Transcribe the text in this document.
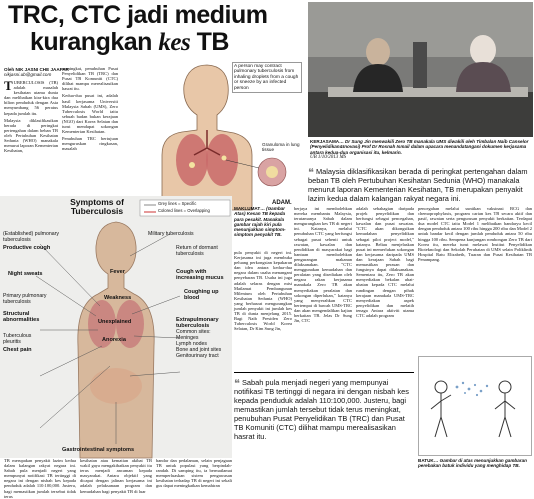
TRC, CTC jadi medium
kurangkan kes TB
Oleh NIK JASNI CHE JAAFAR
nikjasni.ub@gmail.com

TUBERCULOSIS (TB) adalah masalah kesihatan utama dunia dan melibatkan kira-kira dua bilion penduduk dengan Asia menyumbang 56 peratus kepada jumlah itu.

Malaysia diklasifikasikan berada di peringkat pertengahan dalam beban TB oleh Pertubuhan Kesihatan Sedunia (WHO) manakala menurut laporan Kementerian Kesihatan,

meningkat, penubuhan Pusat Penyelidikan TB (TRC) dan Pusat TB Komuniti (CTC) dilihat mampu merealisasikan hasrat itu.

Kedua-dua pusat ini, adalah hasil kerjasama Universiti Malaysia Sabah (UMS), Zero Tuberculosis World iaitu sebuah badan bukan kerajaan (NGO) dari Korea Selatan dan turut mendapat sokongan Kementerian Kesihatan.

Penubuhan TRC bertujuan menguruskan ringkasan, masalah

A person may contract pulmonary tuberculosis from inhaling droplets from a cough or sneeze by an infected person
Granuloma in lung tissue
ADAM.
KERJASAMA… Dr Sung Jin menwakili Zero TB manakala UMS diwakili oleh Timbalan Naib Canselor (Penyelidikan&Inovasi) Prof Dr Rosnah Ismail dalam upacara menandatangani dokumen kerjasama antara kedua-dua organisasi itu, kelmarin.
UB 1/10/2013 MS
❝ Malaysia diklasifikasikan berada di peringkat pertengahan dalam beban TB oleh Pertubuhan Kesihatan Sedunia (WHO) manakala menurut laporan Kementerian Kesihatan, TB merupakan penyakit lazim keduа dalam kalangan rakyat negara ini.
Symptoms of
Tuberculosis
Grey lines = Specific
Colored lines = Overlapping
(Established) pulmonary tuberculosis
Productive cough
Night sweats
Primary pulmonary tuberculosis
Structural abnormalities
Tuberculous pleuritis
Chest pain
Military tuberculosis
Return of dormant tuberculosis
Cough with increasing mucus
Coughing up blood
Extrapulmonary tuberculosis
Common sites:
Meninges
Lymph nodes
Bone and joint sites
Genitourinary tract
Fever
Weakness
Unexplained
Anorexia
Gastrointestinal symptoms
MAKLUMAT… (Gambar Atas) Kesan TB kepada para pesakit. Manakala gambar rajah kiri pula menunjukkan simptom-simptom penyakit TB.
pula penyakit di negeri ini. Kerjasama ini juga membuka peluang perkongsian kepakaran dan idea antara kedua-dua negara dalam usaha menangani penyebaran TB. Usaha ini juga adalah selaras dengan misi Matlamat Pembangunan Milenium oleh Pertubuhan Kesihatan Sedunia (WHO) yang berhasrat mengurangkan jumlah penyakit ini jumlah kes TB di dunia menjelang 2015. Bagi Naib Presiden Zero Tuberculosis World Korea Selatan, Dr Kim Sung Jin,
berjaya ini membolehkan mereka membantu Malaysia, terutamanya Sabah dalam mengurangkan kes TB di negeri ini. Katanya, melalui penubuhan CTC yang berfungsi sebagai pusat sehenti untuk rawatan, kawalan dan pendidikan di masyarakat bagi bantuan membolehkan pengurangan makanan dilaksanakan. "CTC menggunakan kemudahan dan peralatan yang disediakan oleh negara rakan kerjasama manakala Zero TB akan menyediakan peralatan dan sokongan diperlukan," katanya yang menyerahkan CTC bertempat di bawah UMS-TRC dan akan mengendalikan kajian berkaitan TB. Jelas Dr Sung Jin, CTC
adalah sebahagian daripada projek penyelidikan dan berfungsi sebagai pencegahan, kawalan dan pusat rawatan. "CTC akan dikongsikan kemudahan penyelidikan sebagai pilot project model," katanya. Beliau menjelaskan pusat ini memerlukan sokongan dan kerjasama daripada UMS dan kerajaan Sabah bagi memastikan perasan dan fungsinya dapat dilaksanakan. Sementara itu, Zero TB akan menyediakan bekalan ubat-ubatan kepada CTC melalui rundingan dengan pihak kerajaan manakala UMS-TRC menyediakan aspek penyelidikan dan melatih tenaga Antara aktiviti utama CTC adalah program
pencegahan melalui suntikan vaksinasi BCG dan chemoprophylaxis, program carian kes TB secara aktif dan pasif, rawatan serta pengurusan penyakit berkaitan. Terdapat dua model CTC iaitu Model 1 melibatkan bandaryu kecil dengan penduduk antara 100 ribu hingga 200 ribu dan Model 2 untuk bandar kecil dengan jumlah penduduk antara 50 ribu hingga 100 ribu. Sempena kunjungan rombongan Zero TB dari Korea itu, mereka turut melawat Institut Penyelidikan Bioteknologi dan Sekolah Perubatan di UMS selain Poliklinik Hospital Ratu Elizabeth, Tuaran dan Pusat Kesihatan TB Penampang.
❝ Sabah pula menjadi negeri yang mempunyai notifikasi TB tertinggi di negara ini dengan nisbah kes kepada penduduk adalah 110:100,000. Justeru, bagi memastikan jumlah tersebut tidak terus meningkat, penubuhan Pusat Penyelidikan TB (TRC) dan Pusat TB Komuniti (CTC) dilihat mampu merealisasikan hasrat itu.
TB merupakan penyakit lazim kedua dalam kalangan rakyat negara ini. Sabah pula menjadi negeri yang mempunyai notifikasi TB tertinggi di negara ini dengan nisbah kes kepada penduduk adalah 110:100,000. Justeru, bagi memastikan jumlah tersebut tidak terus
kesihatan atau kematian akibat TB wakil gaya mengakibatkan penyakit itu terus menjadi ancaman kepada masyarakat. Antara objektif yang dicapai dengan jalinan kerjasama ini adalah pelaksanaan program dan kemudahan bagi penyakit TB di luar
bandar dan pedalaman, selain penjagaan TB untuk populasi yang berpindah-randah. Di samping itu, ia bermatlamat memperluaskan sistem pengawasan kesihatan terhadap TB di negeri ini sekali gus dapat meningkatkan kemahiran
BATUK… Gambar di atas menunjukkan gambaran perebakan batuk individu yang menghidap TB.
